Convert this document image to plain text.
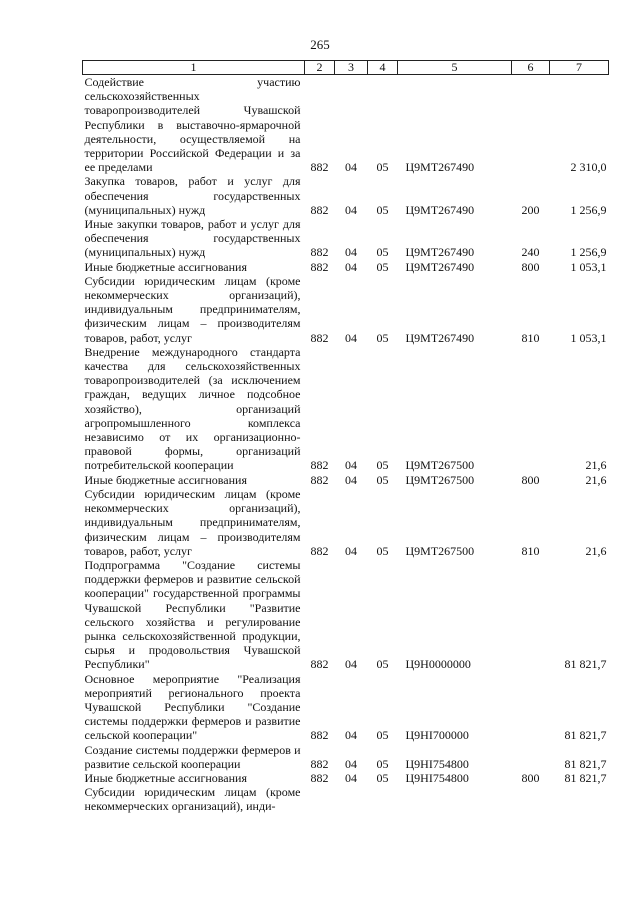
265
1	2	3	4	5	6	7
Содействие участию сельскохозяйственных товаропроизводителей Чувашской Республики в выставочно-ярмарочной деятельности, осуществляемой на территории Российской Федерации и за ее пределами	882	04	05	Ц9МТ267490		2 310,0
Закупка товаров, работ и услуг для обеспечения государственных (муниципальных) нужд	882	04	05	Ц9МТ267490	200	1 256,9
Иные закупки товаров, работ и услуг для обеспечения государственных (муниципальных) нужд	882	04	05	Ц9МТ267490	240	1 256,9
Иные бюджетные ассигнования	882	04	05	Ц9МТ267490	800	1 053,1
Субсидии юридическим лицам (кроме некоммерческих организаций), индивидуальным предпринимателям, физическим лицам – производителям товаров, работ, услуг	882	04	05	Ц9МТ267490	810	1 053,1
Внедрение международного стандарта качества для сельскохозяйственных товаропроизводителей (за исключением граждан, ведущих личное подсобное хозяйство), организаций агропромышленного комплекса независимо от их организационно-правовой формы, организаций потребительской кооперации	882	04	05	Ц9МТ267500		21,6
Иные бюджетные ассигнования	882	04	05	Ц9МТ267500	800	21,6
Субсидии юридическим лицам (кроме некоммерческих организаций), индивидуальным предпринимателям, физическим лицам – производителям товаров, работ, услуг	882	04	05	Ц9МТ267500	810	21,6
Подпрограмма "Создание системы поддержки фермеров и развитие сельской кооперации" государственной программы Чувашской Республики "Развитие сельского хозяйства и регулирование рынка сельскохозяйственной продукции, сырья и продовольствия Чувашской Республики"	882	04	05	Ц9Н0000000		81 821,7
Основное мероприятие "Реализация мероприятий регионального проекта Чувашской Республики "Создание системы поддержки фермеров и развитие сельской кооперации"	882	04	05	Ц9НI700000		81 821,7
Создание системы поддержки фермеров и развитие сельской кооперации	882	04	05	Ц9НI754800		81 821,7
Иные бюджетные ассигнования	882	04	05	Ц9НI754800	800	81 821,7
Субсидии юридическим лицам (кроме некоммерческих организаций), инди-						
